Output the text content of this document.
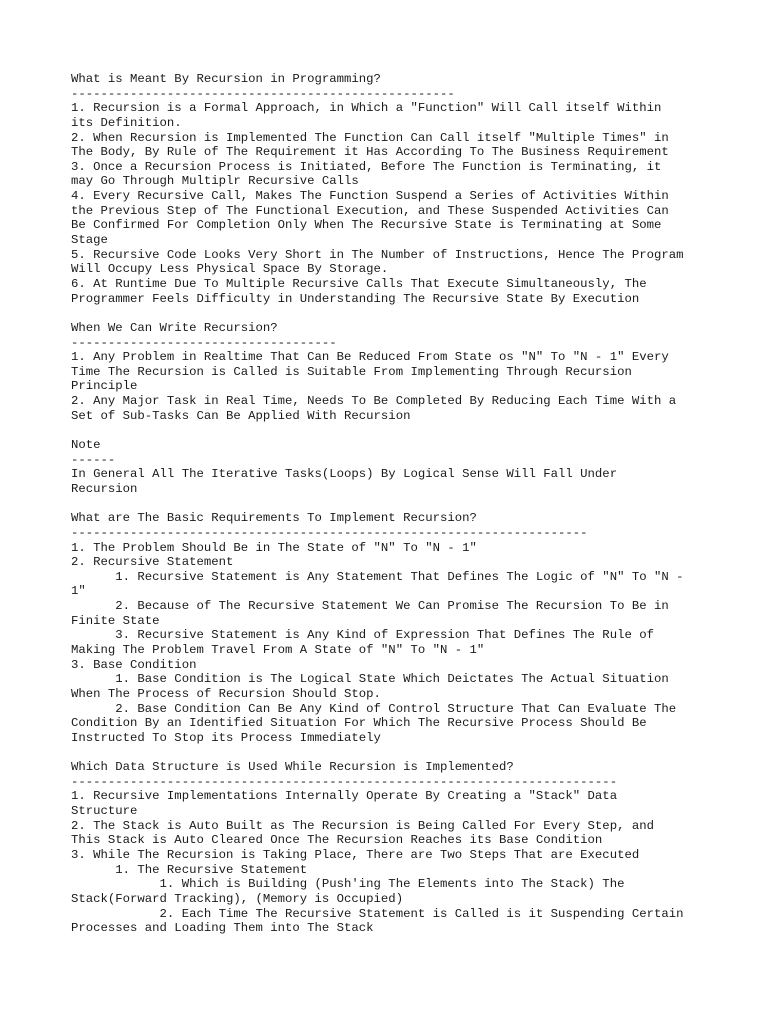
What is Meant By Recursion in Programming?
----------------------------------------------------
1. Recursion is a Formal Approach, in Which a "Function" Will Call itself Within
its Definition.
2. When Recursion is Implemented The Function Can Call itself "Multiple Times" in
The Body, By Rule of The Requirement it Has According To The Business Requirement
3. Once a Recursion Process is Initiated, Before The Function is Terminating, it
may Go Through Multiplr Recursive Calls
4. Every Recursive Call, Makes The Function Suspend a Series of Activities Within
the Previous Step of The Functional Execution, and These Suspended Activities Can
Be Confirmed For Completion Only When The Recursive State is Terminating at Some
Stage
5. Recursive Code Looks Very Short in The Number of Instructions, Hence The Program
Will Occupy Less Physical Space By Storage.
6. At Runtime Due To Multiple Recursive Calls That Execute Simultaneously, The
Programmer Feels Difficulty in Understanding The Recursive State By Execution
When We Can Write Recursion?
------------------------------------
1. Any Problem in Realtime That Can Be Reduced From State os "N" To "N - 1" Every
Time The Recursion is Called is Suitable From Implementing Through Recursion
Principle
2. Any Major Task in Real Time, Needs To Be Completed By Reducing Each Time With a
Set of Sub-Tasks Can Be Applied With Recursion
Note
------
In General All The Iterative Tasks(Loops) By Logical Sense Will Fall Under
Recursion
What are The Basic Requirements To Implement Recursion?
----------------------------------------------------------------------
1. The Problem Should Be in The State of "N" To "N - 1"
2. Recursive Statement
1. Recursive Statement is Any Statement That Defines The Logic of "N" To "N -
1"
2. Because of The Recursive Statement We Can Promise The Recursion To Be in
Finite State
3. Recursive Statement is Any Kind of Expression That Defines The Rule of
Making The Problem Travel From A State of "N" To "N - 1"
3. Base Condition
1. Base Condition is The Logical State Which Deictates The Actual Situation
When The Process of Recursion Should Stop.
2. Base Condition Can Be Any Kind of Control Structure That Can Evaluate The
Condition By an Identified Situation For Which The Recursive Process Should Be
Instructed To Stop its Process Immediately
Which Data Structure is Used While Recursion is Implemented?
--------------------------------------------------------------------------
1. Recursive Implementations Internally Operate By Creating a "Stack" Data
Structure
2. The Stack is Auto Built as The Recursion is Being Called For Every Step, and
This Stack is Auto Cleared Once The Recursion Reaches its Base Condition
3. While The Recursion is Taking Place, There are Two Steps That are Executed
1. The Recursive Statement
1. Which is Building (Push'ing The Elements into The Stack) The
Stack(Forward Tracking), (Memory is Occupied)
2. Each Time The Recursive Statement is Called is it Suspending Certain
Processes and Loading Them into The Stack
